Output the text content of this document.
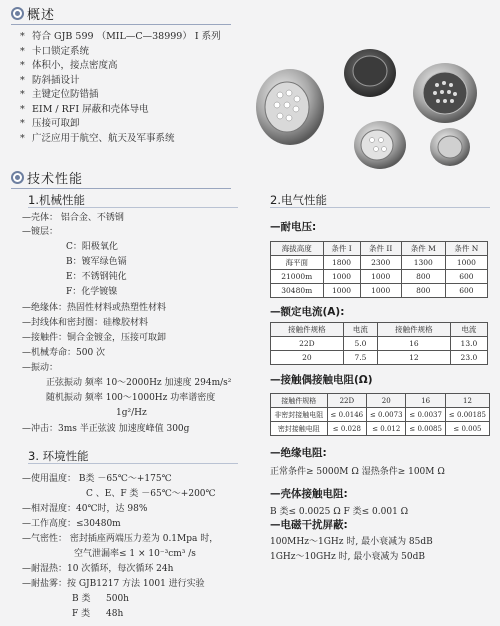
概述
* 符合 GJB 599 （MIL—C—38999） I 系列
* 卡口锁定系统
* 体积小，接点密度高
* 防斜插设计
* 主键定位防错插
* EIM / RFI 屏蔽和壳体导电
* 压接可取卸
* 广泛应用于航空、航天及军事系统
技术性能
1.机械性能
—壳体： 铝合金、不锈钢
—镀层：
C：阳极氧化
B：镀军绿色镉
E：不锈钢钝化
F：化学镀镍
—绝缘体：热固性材料或热塑性材料
—封线体和密封圈：硅橡胶材料
—接触件：铜合金镀金，压接可取卸
—机械寿命：500 次
—振动：
正弦振动 频率 10～2000Hz 加速度 294m/s²
随机振动 频率 100～1000Hz 功率谱密度
1g²/Hz
—冲击：3ms 半正弦波 加速度峰值 300g
3. 环境性能
—使用温度： B类 －65℃～+175℃
C 、E、F 类 －65℃～+200℃
—相对湿度：40℃时，达 98%
—工作高度：≤30480m
—气密性： 密封插座两端压力差为 0.1Mpa 时，
空气泄漏率≤ 1 × 10⁻³cm³ /s
—耐湿热：10 次循环，每次循环 24h
—耐盐雾：按 GJB1217 方法 1001 进行实验
B 类 500h
F 类 48h
2.电气性能
—耐电压:
海拔高度	条件 I	条件 II	条件 M	条件 N
海平面	1800	2300	1300	1000
21000m	1000	1000	800	600
30480m	1000	1000	800	600
—额定电流(A):
接触件规格	电流	接触件规格	电流
22D	5.0	16	13.0
20	7.5	12	23.0
—接触偶接触电阻(Ω)
接触件规格	22D	20	16	12
非密封接触电阻	≤ 0.0146	≤ 0.0073	≤ 0.0037	≤ 0.00185
密封接触电阻	≤ 0.028	≤ 0.012	≤ 0.0085	≤ 0.005
—绝缘电阻:
正常条件≥ 5000M Ω 湿热条件≥ 100M Ω
—壳体接触电阻:
B 类≤ 0.0025 Ω F 类≤ 0.001 Ω
—电磁干扰屏蔽:
100MHz～1GHz 时, 最小衰减为 85dB
1GHz～10GHz 时, 最小衰减为 50dB
